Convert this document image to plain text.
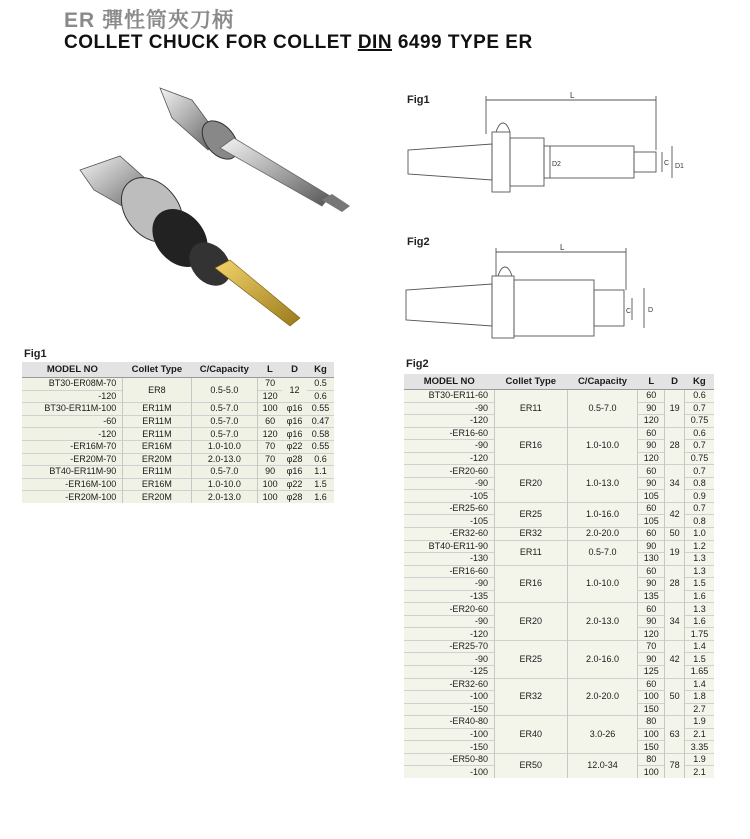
ER 彈性筒夾刀柄
COLLET CHUCK FOR COLLET DIN 6499 TYPE ER
Fig1	L
D2	C D1
Fig2	L
C D
Fig1
MODEL NO	Collet Type	C/Capacity	L	D	Kg
BT30-ER08M-70	ER8	0.5-5.0	70	12	0.5
-120			120		0.6
BT30-ER11M-100	ER11M	0.5-7.0	100	φ16	0.55
-60	ER11M	0.5-7.0	60	φ16	0.47
-120	ER11M	0.5-7.0	120	φ16	0.58
-ER16M-70	ER16M	1.0-10.0	70	φ22	0.55
-ER20M-70	ER20M	2.0-13.0	70	φ28	0.6
BT40-ER11M-90	ER11M	0.5-7.0	90	φ16	1.1
-ER16M-100	ER16M	1.0-10.0	100	φ22	1.5
-ER20M-100	ER20M	2.0-13.0	100	φ28	1.6
Fig2
MODEL NO	Collet Type	C/Capacity	L	D	Kg
BT30-ER11-60	ER11	0.5-7.0	60	19	0.6
-90			90		0.7
-120			120		0.75
-ER16-60	ER16	1.0-10.0	60	28	0.6
-90			90		0.7
-120			120		0.75
-ER20-60	ER20	1.0-13.0	60	34	0.7
-90			90		0.8
-105			105		0.9
-ER25-60	ER25	1.0-16.0	60	42	0.7
-105			105		0.8
-ER32-60	ER32	2.0-20.0	60	50	1.0
BT40-ER11-90	ER11	0.5-7.0	90	19	1.2
-130			130		1.3
-ER16-60	ER16	1.0-10.0	60	28	1.3
-90			90		1.5
-135			135		1.6
-ER20-60	ER20	2.0-13.0	60	34	1.3
-90			90		1.6
-120			120		1.75
-ER25-70	ER25	2.0-16.0	70	42	1.4
-90			90		1.5
-125			125		1.65
-ER32-60	ER32	2.0-20.0	60	50	1.4
-100			100		1.8
-150			150		2.7
-ER40-80	ER40	3.0-26	80	63	1.9
-100			100		2.1
-150			150		3.35
-ER50-80	ER50	12.0-34	80	78	1.9
-100			100		2.1
